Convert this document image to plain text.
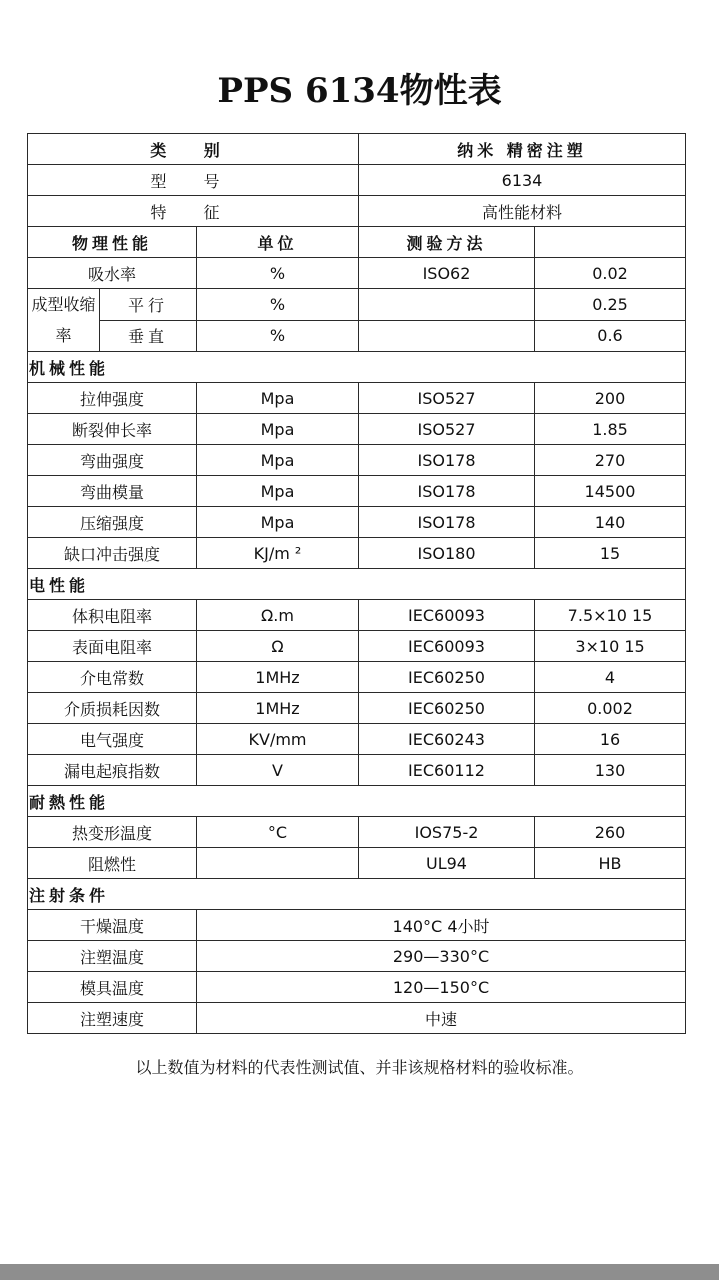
PPS 6134物性表
类 别			纳米 精密注塑	
型 号			6134	
特 征			高性能材料	
物理性能		单位	测验方法	
吸水率		%	ISO62	0.02

成型收缩
率	平行	%		0.25
	垂直	%		0.6
机械性能				
拉伸强度		Mpa	ISO527	200
断裂伸长率		Mpa	ISO527	1.85
弯曲强度		Mpa	ISO178	270
弯曲模量		Mpa	ISO178	14500
压缩强度		Mpa	ISO178	140
缺口冲击强度		KJ/m ²	ISO180	15
电性能				
体积电阻率		Ω.m	IEC60093	7.5×10 15
表面电阻率		Ω	IEC60093	3×10 15
介电常数		1MHz	IEC60250	4
介质损耗因数		1MHz	IEC60250	0.002
电气强度		KV/mm	IEC60243	16
漏电起痕指数		V	IEC60112	130
耐熱性能				
热变形温度		°C	IOS75-2	260
阻燃性			UL94	HB
注射条件				
干燥温度		140°C 4小时		
注塑温度		290—330°C		
模具温度		120—150°C		
注塑速度		中速		
以上数值为材料的代表性测试值、并非该规格材料的验收标准。
